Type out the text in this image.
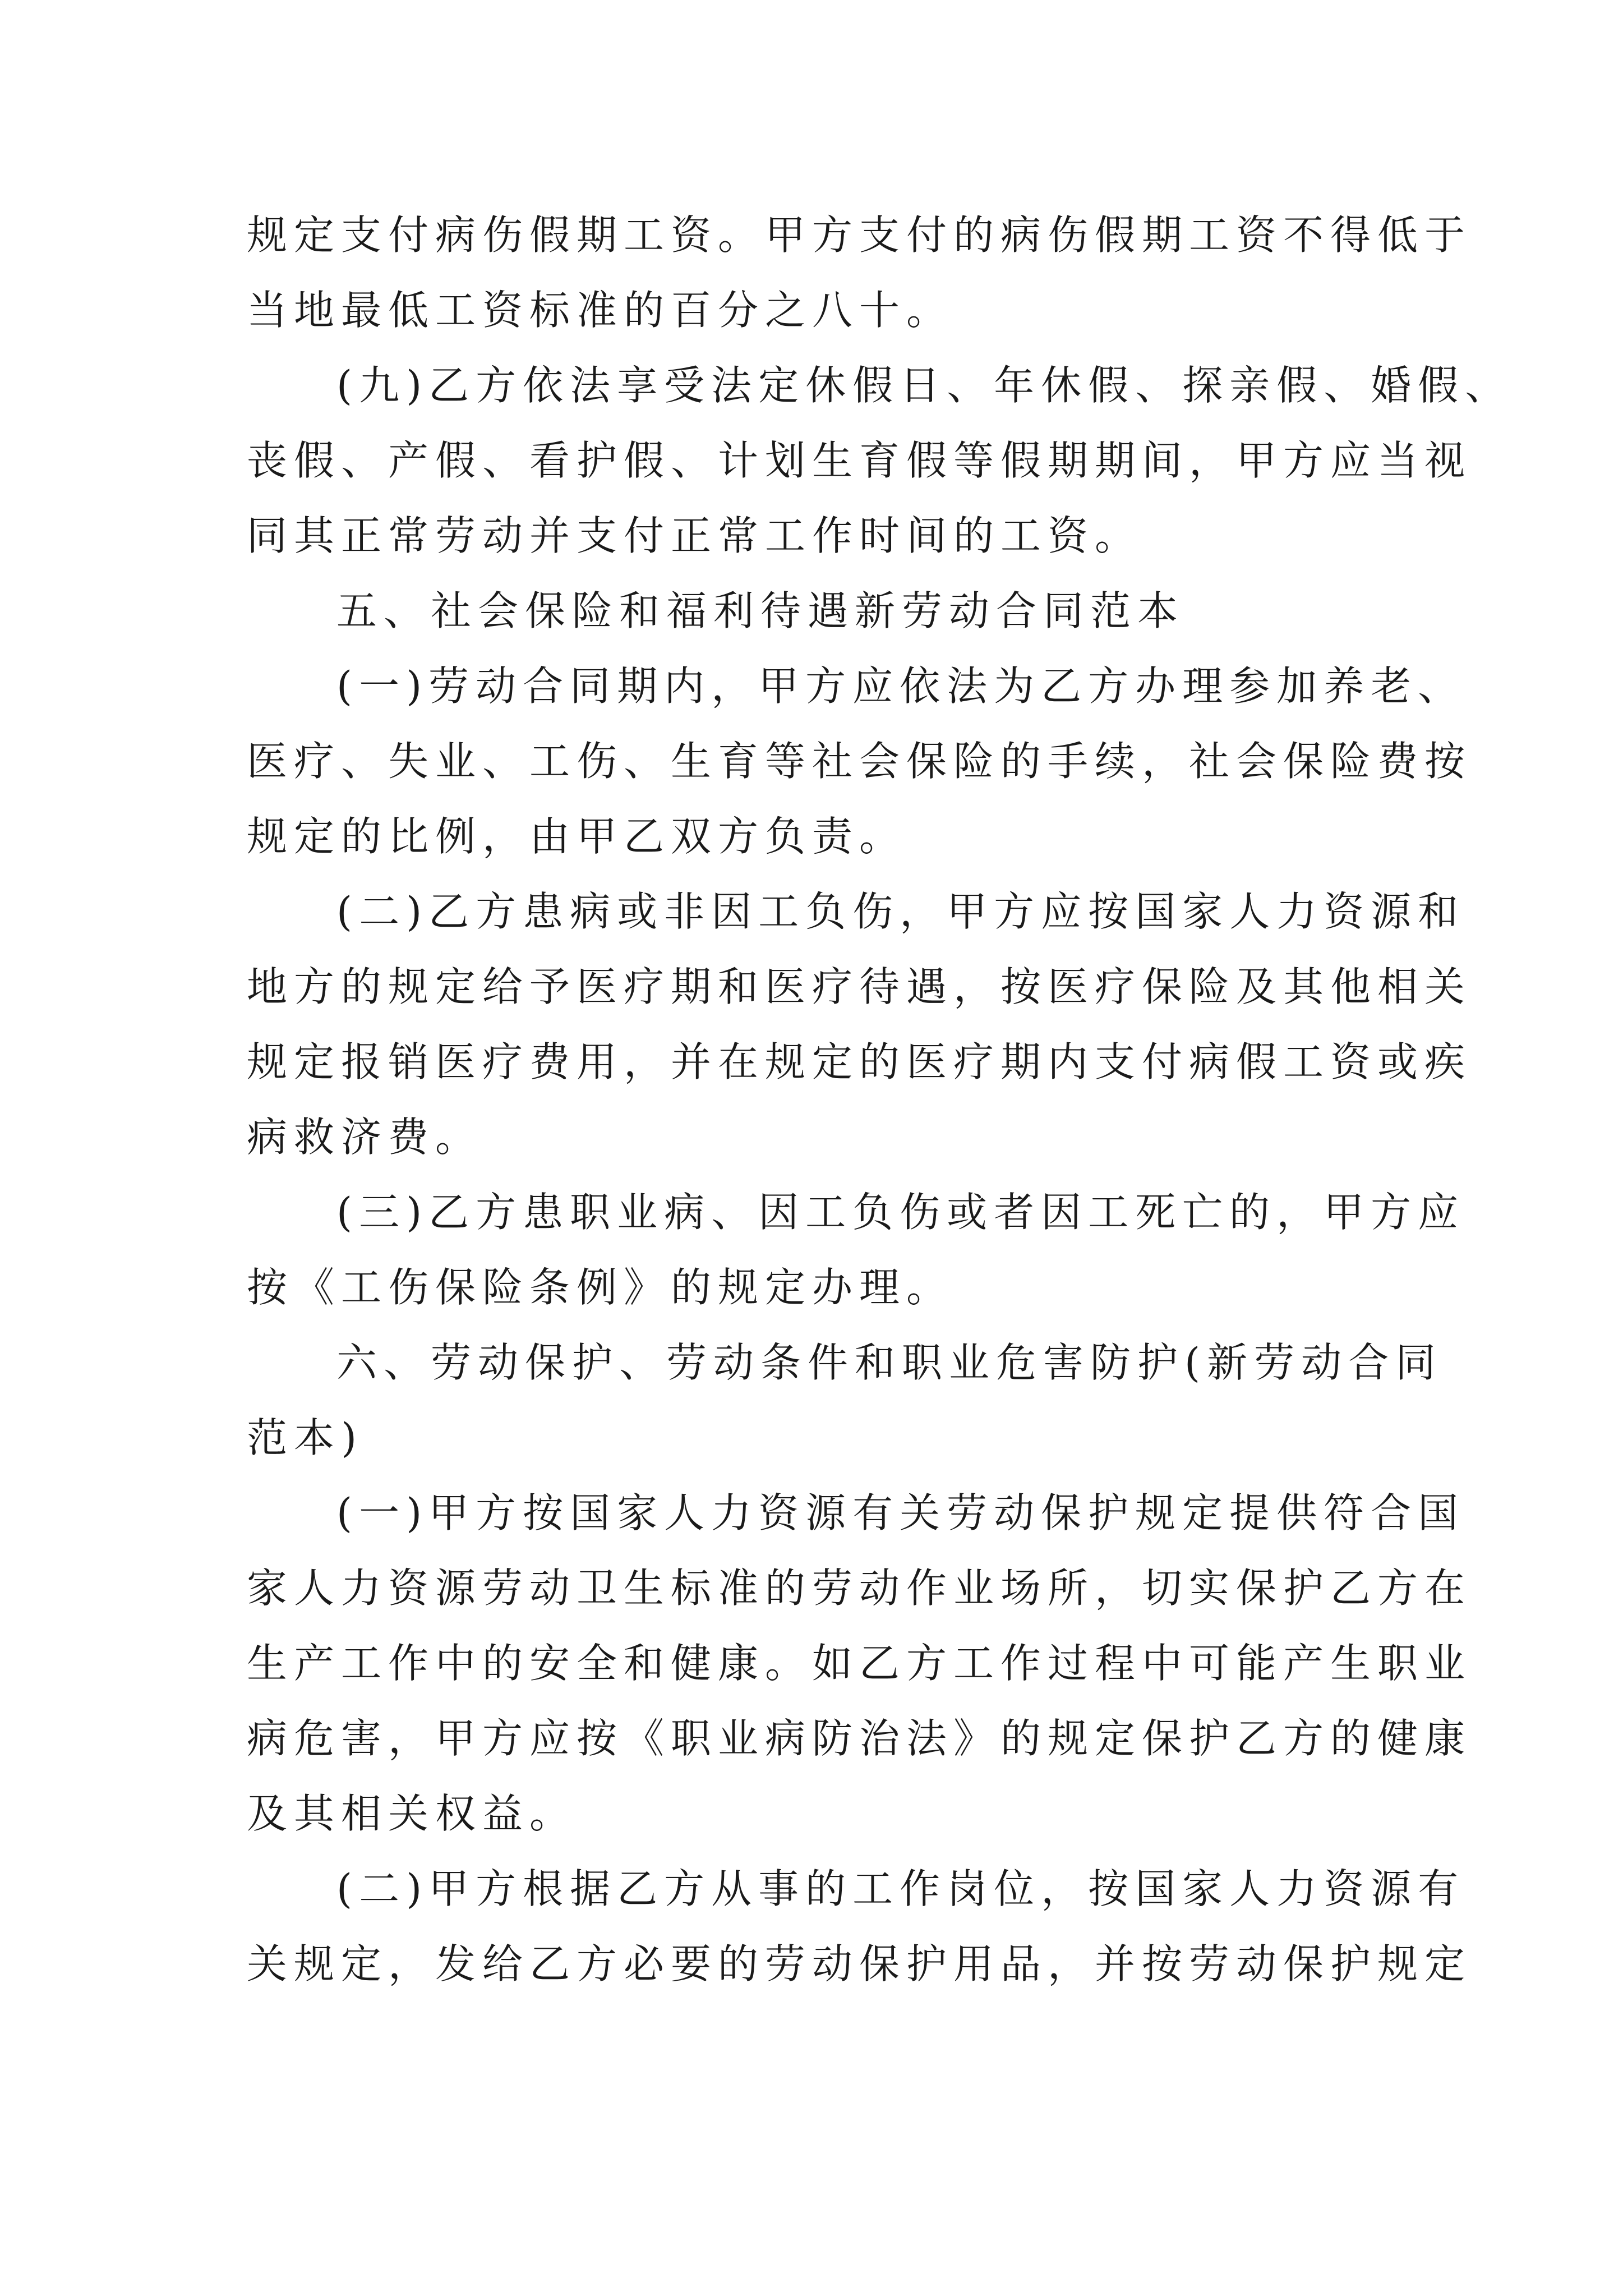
规定支付病伤假期工资。甲方支付的病伤假期工资不得低于
当地最低工资标准的百分之八十。
(九)乙方依法享受法定休假日、年休假、探亲假、婚假、
丧假、产假、看护假、计划生育假等假期期间，甲方应当视
同其正常劳动并支付正常工作时间的工资。
五、社会保险和福利待遇新劳动合同范本
(一)劳动合同期内，甲方应依法为乙方办理参加养老、
医疗、失业、工伤、生育等社会保险的手续，社会保险费按
规定的比例，由甲乙双方负责。
(二)乙方患病或非因工负伤，甲方应按国家人力资源和
地方的规定给予医疗期和医疗待遇，按医疗保险及其他相关
规定报销医疗费用，并在规定的医疗期内支付病假工资或疾
病救济费。
(三)乙方患职业病、因工负伤或者因工死亡的，甲方应
按《工伤保险条例》的规定办理。
六、劳动保护、劳动条件和职业危害防护(新劳动合同
范本)
(一)甲方按国家人力资源有关劳动保护规定提供符合国
家人力资源劳动卫生标准的劳动作业场所，切实保护乙方在
生产工作中的安全和健康。如乙方工作过程中可能产生职业
病危害，甲方应按《职业病防治法》的规定保护乙方的健康
及其相关权益。
(二)甲方根据乙方从事的工作岗位，按国家人力资源有
关规定，发给乙方必要的劳动保护用品，并按劳动保护规定
